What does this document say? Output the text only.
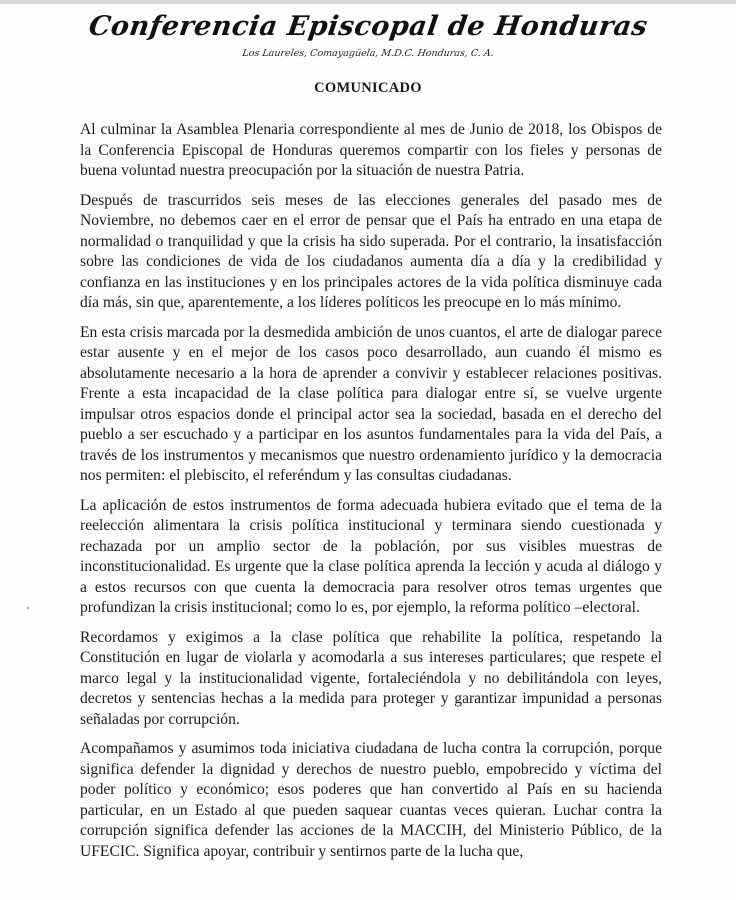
Conferencia Episcopal de Honduras
Los Laureles, Comayagüela, M.D.C. Honduras, C. A.
COMUNICADO

Al culminar la Asamblea Plenaria correspondiente al mes de Junio de 2018, los Obispos de la Conferencia Episcopal de Honduras queremos compartir con los fieles y personas de buena voluntad nuestra preocupación por la situación de nuestra Patria.

Después de trascurridos seis meses de las elecciones generales del pasado mes de Noviembre, no debemos caer en el error de pensar que el País ha entrado en una etapa de normalidad o tranquilidad y que la crisis ha sido superada. Por el contrario, la insatisfacción sobre las condiciones de vida de los ciudadanos aumenta día a día y la credibilidad y confianza en las instituciones y en los principales actores de la vida política disminuye cada día más, sin que, aparentemente, a los líderes políticos les preocupe en lo más mínimo.

En esta crisis marcada por la desmedida ambición de unos cuantos, el arte de dialogar parece estar ausente y en el mejor de los casos poco desarrollado, aun cuando él mismo es absolutamente necesario a la hora de aprender a convivir y establecer relaciones positivas. Frente a esta incapacidad de la clase política para dialogar entre sí, se vuelve urgente impulsar otros espacios donde el principal actor sea la sociedad, basada en el derecho del pueblo a ser escuchado y a participar en los asuntos fundamentales para la vida del País, a través de los instrumentos y mecanismos que nuestro ordenamiento jurídico y la democracia nos permiten: el plebiscito, el referéndum y las consultas ciudadanas.

La aplicación de estos instrumentos de forma adecuada hubiera evitado que el tema de la reelección alimentara la crisis política institucional y terminara siendo cuestionada y rechazada por un amplio sector de la población, por sus visibles muestras de inconstitucionalidad. Es urgente que la clase política aprenda la lección y acuda al diálogo y a estos recursos con que cuenta la democracia para resolver otros temas urgentes que profundizan la crisis institucional; como lo es, por ejemplo, la reforma político –electoral.

Recordamos y exigimos a la clase política que rehabilite la política, respetando la Constitución en lugar de violarla y acomodarla a sus intereses particulares; que respete el marco legal y la institucionalidad vigente, fortaleciéndola y no debilitándola con leyes, decretos y sentencias hechas a la medida para proteger y garantizar impunidad a personas señaladas por corrupción.

Acompañamos y asumimos toda iniciativa ciudadana de lucha contra la corrupción, porque significa defender la dignidad y derechos de nuestro pueblo, empobrecido y víctima del poder político y económico; esos poderes que han convertido al País en su hacienda particular, en un Estado al que pueden saquear cuantas veces quieran. Luchar contra la corrupción significa defender las acciones de la MACCIH, del Ministerio Público, de la UFECIC. Significa apoyar, contribuir y sentirnos parte de la lucha que,
